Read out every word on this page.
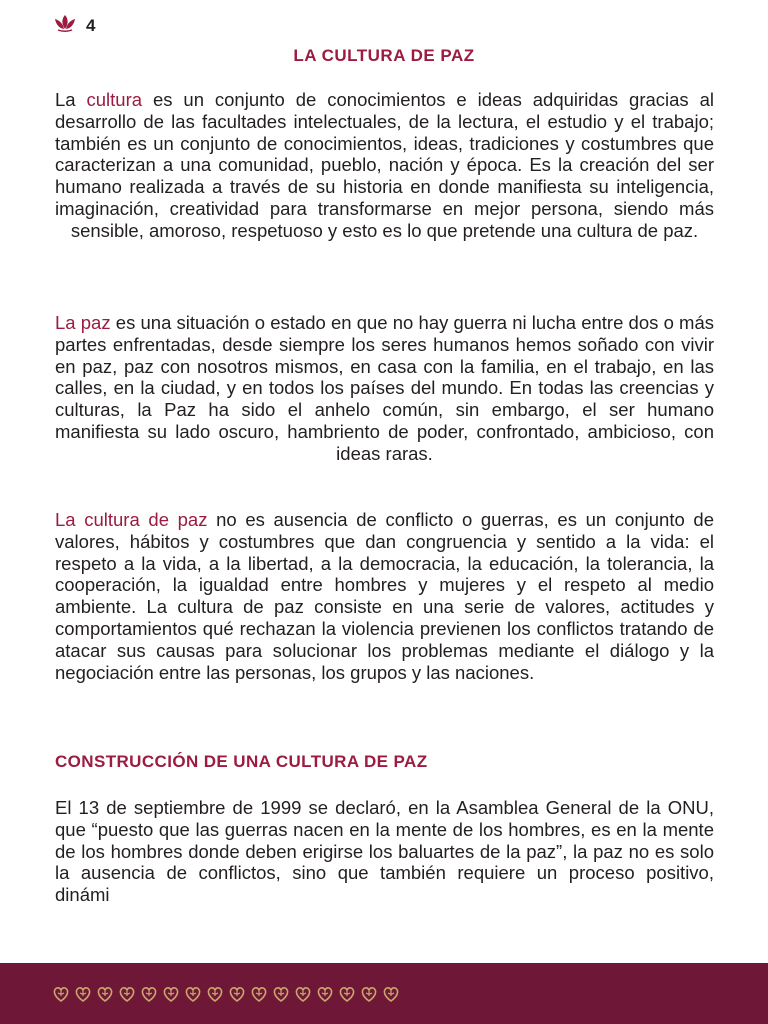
4
LA CULTURA DE PAZ

La cultura es un conjunto de conocimientos e ideas adquiridas gracias al desarrollo de las facultades intelectuales, de la lectura, el estudio y el trabajo; también es un conjunto de conocimientos, ideas, tradiciones y costumbres que caracterizan a una comunidad, pueblo, nación y época. Es la creación del ser humano realizada a través de su historia en donde manifiesta su inteligencia, imaginación, creatividad para transformarse en mejor persona, siendo más sensible, amoroso, respetuoso y esto es lo que pretende una cultura de paz.

La paz es una situación o estado en que no hay guerra ni lucha entre dos o más partes enfrentadas, desde siempre los seres humanos hemos soñado con vivir en paz, paz con nosotros mismos, en casa con la familia, en el trabajo, en las calles, en la ciudad, y en todos los países del mundo. En todas las creencias y culturas, la Paz ha sido el anhelo común, sin embargo, el ser humano manifiesta su lado oscuro, hambriento de poder, confrontado, ambicioso, con ideas raras.

La cultura de paz no es ausencia de conflicto o guerras, es un conjunto de valores, hábitos y costumbres que dan congruencia y sentido a la vida: el respeto a la vida, a la libertad, a la democracia, la educación, la tolerancia, la cooperación, la igualdad entre hombres y mujeres y el respeto al medio ambiente. La cultura de paz consiste en una serie de valores, actitudes y comportamientos qué rechazan la violencia previenen los conflictos tratando de atacar sus causas para solucionar los problemas mediante el diálogo y la negociación entre las personas, los grupos y las naciones.

CONSTRUCCIÓN DE UNA CULTURA DE PAZ

El 13 de septiembre de 1999 se declaró, en la Asamblea General de la ONU, que “puesto que las guerras nacen en la mente de los hombres, es en la mente de los hombres donde deben erigirse los baluartes de la paz”, la paz no es solo la ausencia de conflictos, sino que también requiere un proceso positivo, dinámi
